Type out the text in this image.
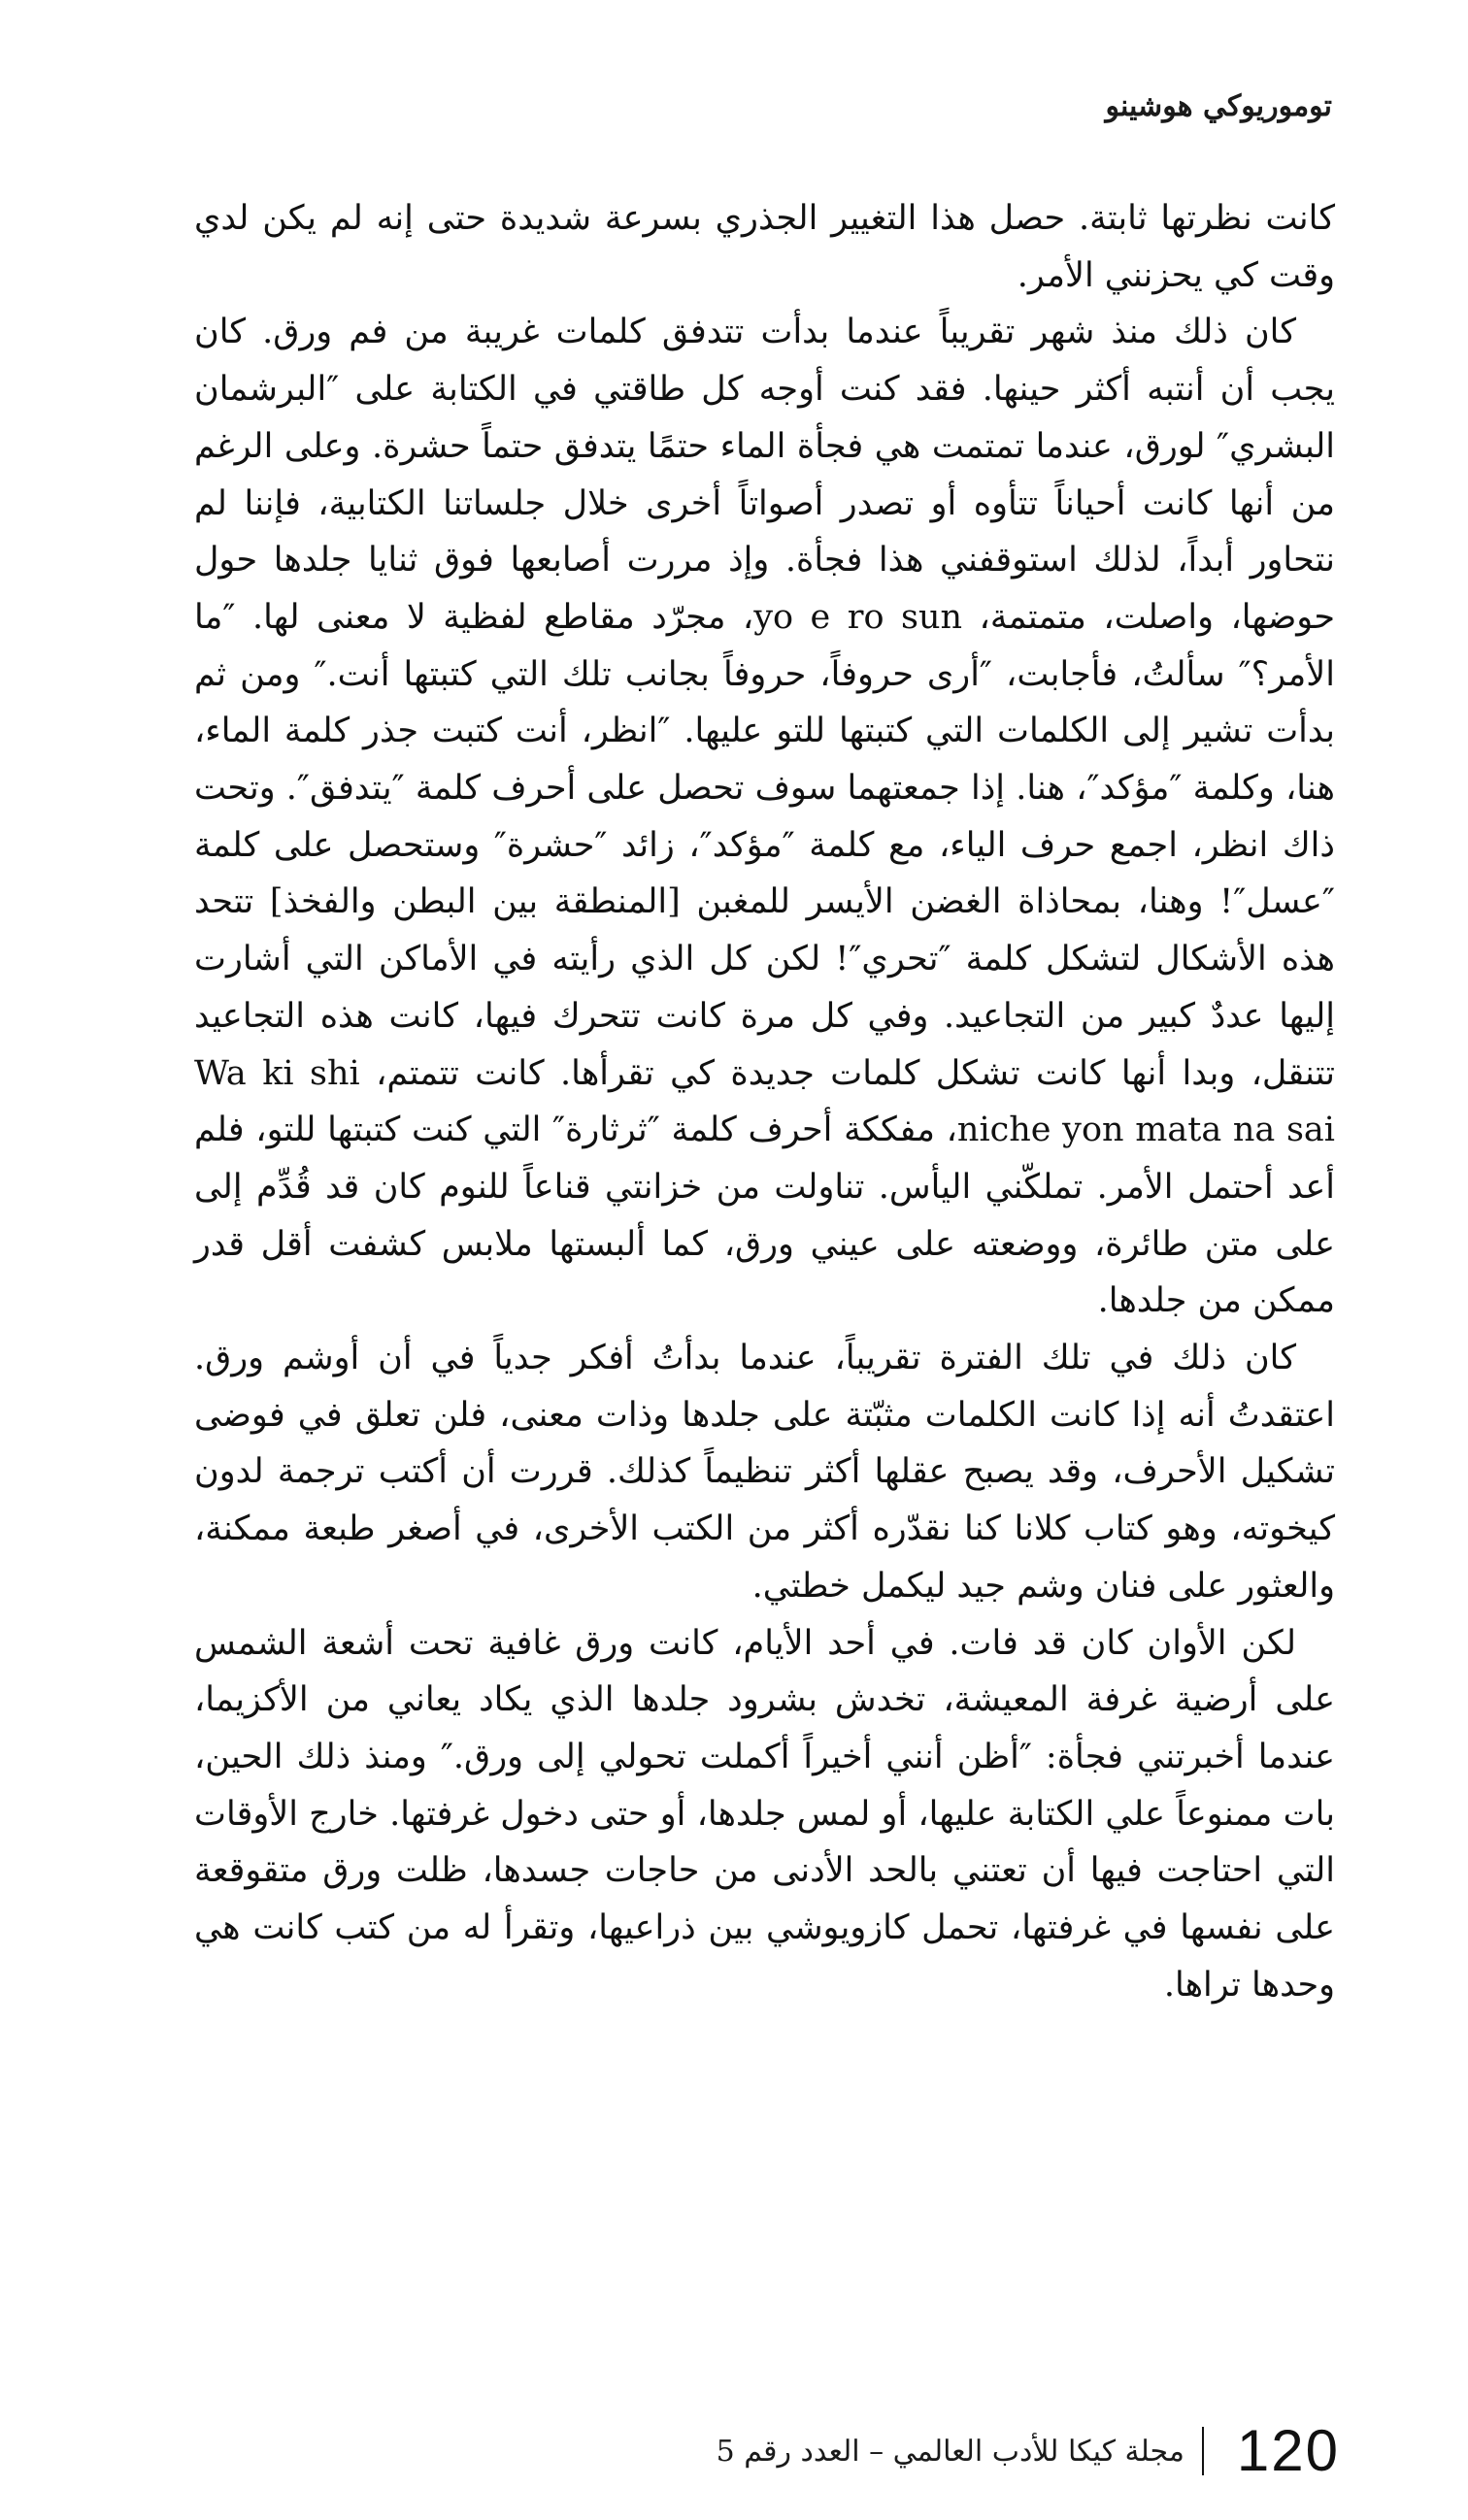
توموريوكي هوشينو

كانت نظرتها ثابتة. حصل هذا التغيير الجذري بسرعة شديدة حتى إنه لم يكن لدي وقت كي يحزنني الأمر.

كان ذلك منذ شهر تقريباً عندما بدأت تتدفق كلمات غريبة من فم ورق. كان يجب أن أنتبه أكثر حينها. فقد كنت أوجه كل طاقتي في الكتابة على ″البرشمان البشري″ لورق، عندما تمتمت هي فجأة الماء حتمًا يتدفق حتماً حشرة. وعلى الرغم من أنها كانت أحياناً تتأوه أو تصدر أصواتاً أخرى خلال جلساتنا الكتابية، فإننا لم نتحاور أبداً، لذلك استوقفني هذا فجأة. وإذ مررت أصابعها فوق ثنايا جلدها حول حوضها، واصلت، متمتمة، yo e ro sun، مجرّد مقاطع لفظية لا معنى لها. ″ما الأمر؟″ سألتُ، فأجابت، ″أرى حروفاً، حروفاً بجانب تلك التي كتبتها أنت.″ ومن ثم بدأت تشير إلى الكلمات التي كتبتها للتو عليها. ″انظر، أنت كتبت جذر كلمة الماء، هنا، وكلمة ″مؤكد″، هنا. إذا جمعتهما سوف تحصل على أحرف كلمة ″يتدفق″. وتحت ذاك انظر، اجمع حرف الياء، مع كلمة ″مؤكد″، زائد ″حشرة″ وستحصل على كلمة ″عسل″! وهنا، بمحاذاة الغضن الأيسر للمغبن [المنطقة بين البطن والفخذ] تتحد هذه الأشكال لتشكل كلمة ″تحري″! لكن كل الذي رأيته في الأماكن التي أشارت إليها عددٌ كبير من التجاعيد. وفي كل مرة كانت تتحرك فيها، كانت هذه التجاعيد تتنقل، وبدا أنها كانت تشكل كلمات جديدة كي تقرأها. كانت تتمتم، Wa ki shi niche yon mata na sai، مفككة أحرف كلمة ″ثرثارة″ التي كنت كتبتها للتو، فلم أعد أحتمل الأمر. تملكّني اليأس. تناولت من خزانتي قناعاً للنوم كان قد قُدِّم إلى على متن طائرة، ووضعته على عيني ورق، كما ألبستها ملابس كشفت أقل قدر ممكن من جلدها.

كان ذلك في تلك الفترة تقريباً، عندما بدأتُ أفكر جدياً في أن أوشم ورق. اعتقدتُ أنه إذا كانت الكلمات مثبّتة على جلدها وذات معنى، فلن تعلق في فوضى تشكيل الأحرف، وقد يصبح عقلها أكثر تنظيماً كذلك. قررت أن أكتب ترجمة لدون كيخوته، وهو كتاب كلانا كنا نقدّره أكثر من الكتب الأخرى، في أصغر طبعة ممكنة، والعثور على فنان وشم جيد ليكمل خطتي.

لكن الأوان كان قد فات. في أحد الأيام، كانت ورق غافية تحت أشعة الشمس على أرضية غرفة المعيشة، تخدش بشرود جلدها الذي يكاد يعاني من الأكزيما، عندما أخبرتني فجأة: ″أظن أنني أخيراً أكملت تحولي إلى ورق.″ ومنذ ذلك الحين، بات ممنوعاً علي الكتابة عليها، أو لمس جلدها، أو حتى دخول غرفتها. خارج الأوقات التي احتاجت فيها أن تعتني بالحد الأدنى من حاجات جسدها، ظلت ورق متقوقعة على نفسها في غرفتها، تحمل كازويوشي بين ذراعيها، وتقرأ له من كتب كانت هي وحدها تراها.

120
مجلة كيكا للأدب العالمي – العدد رقم 5
